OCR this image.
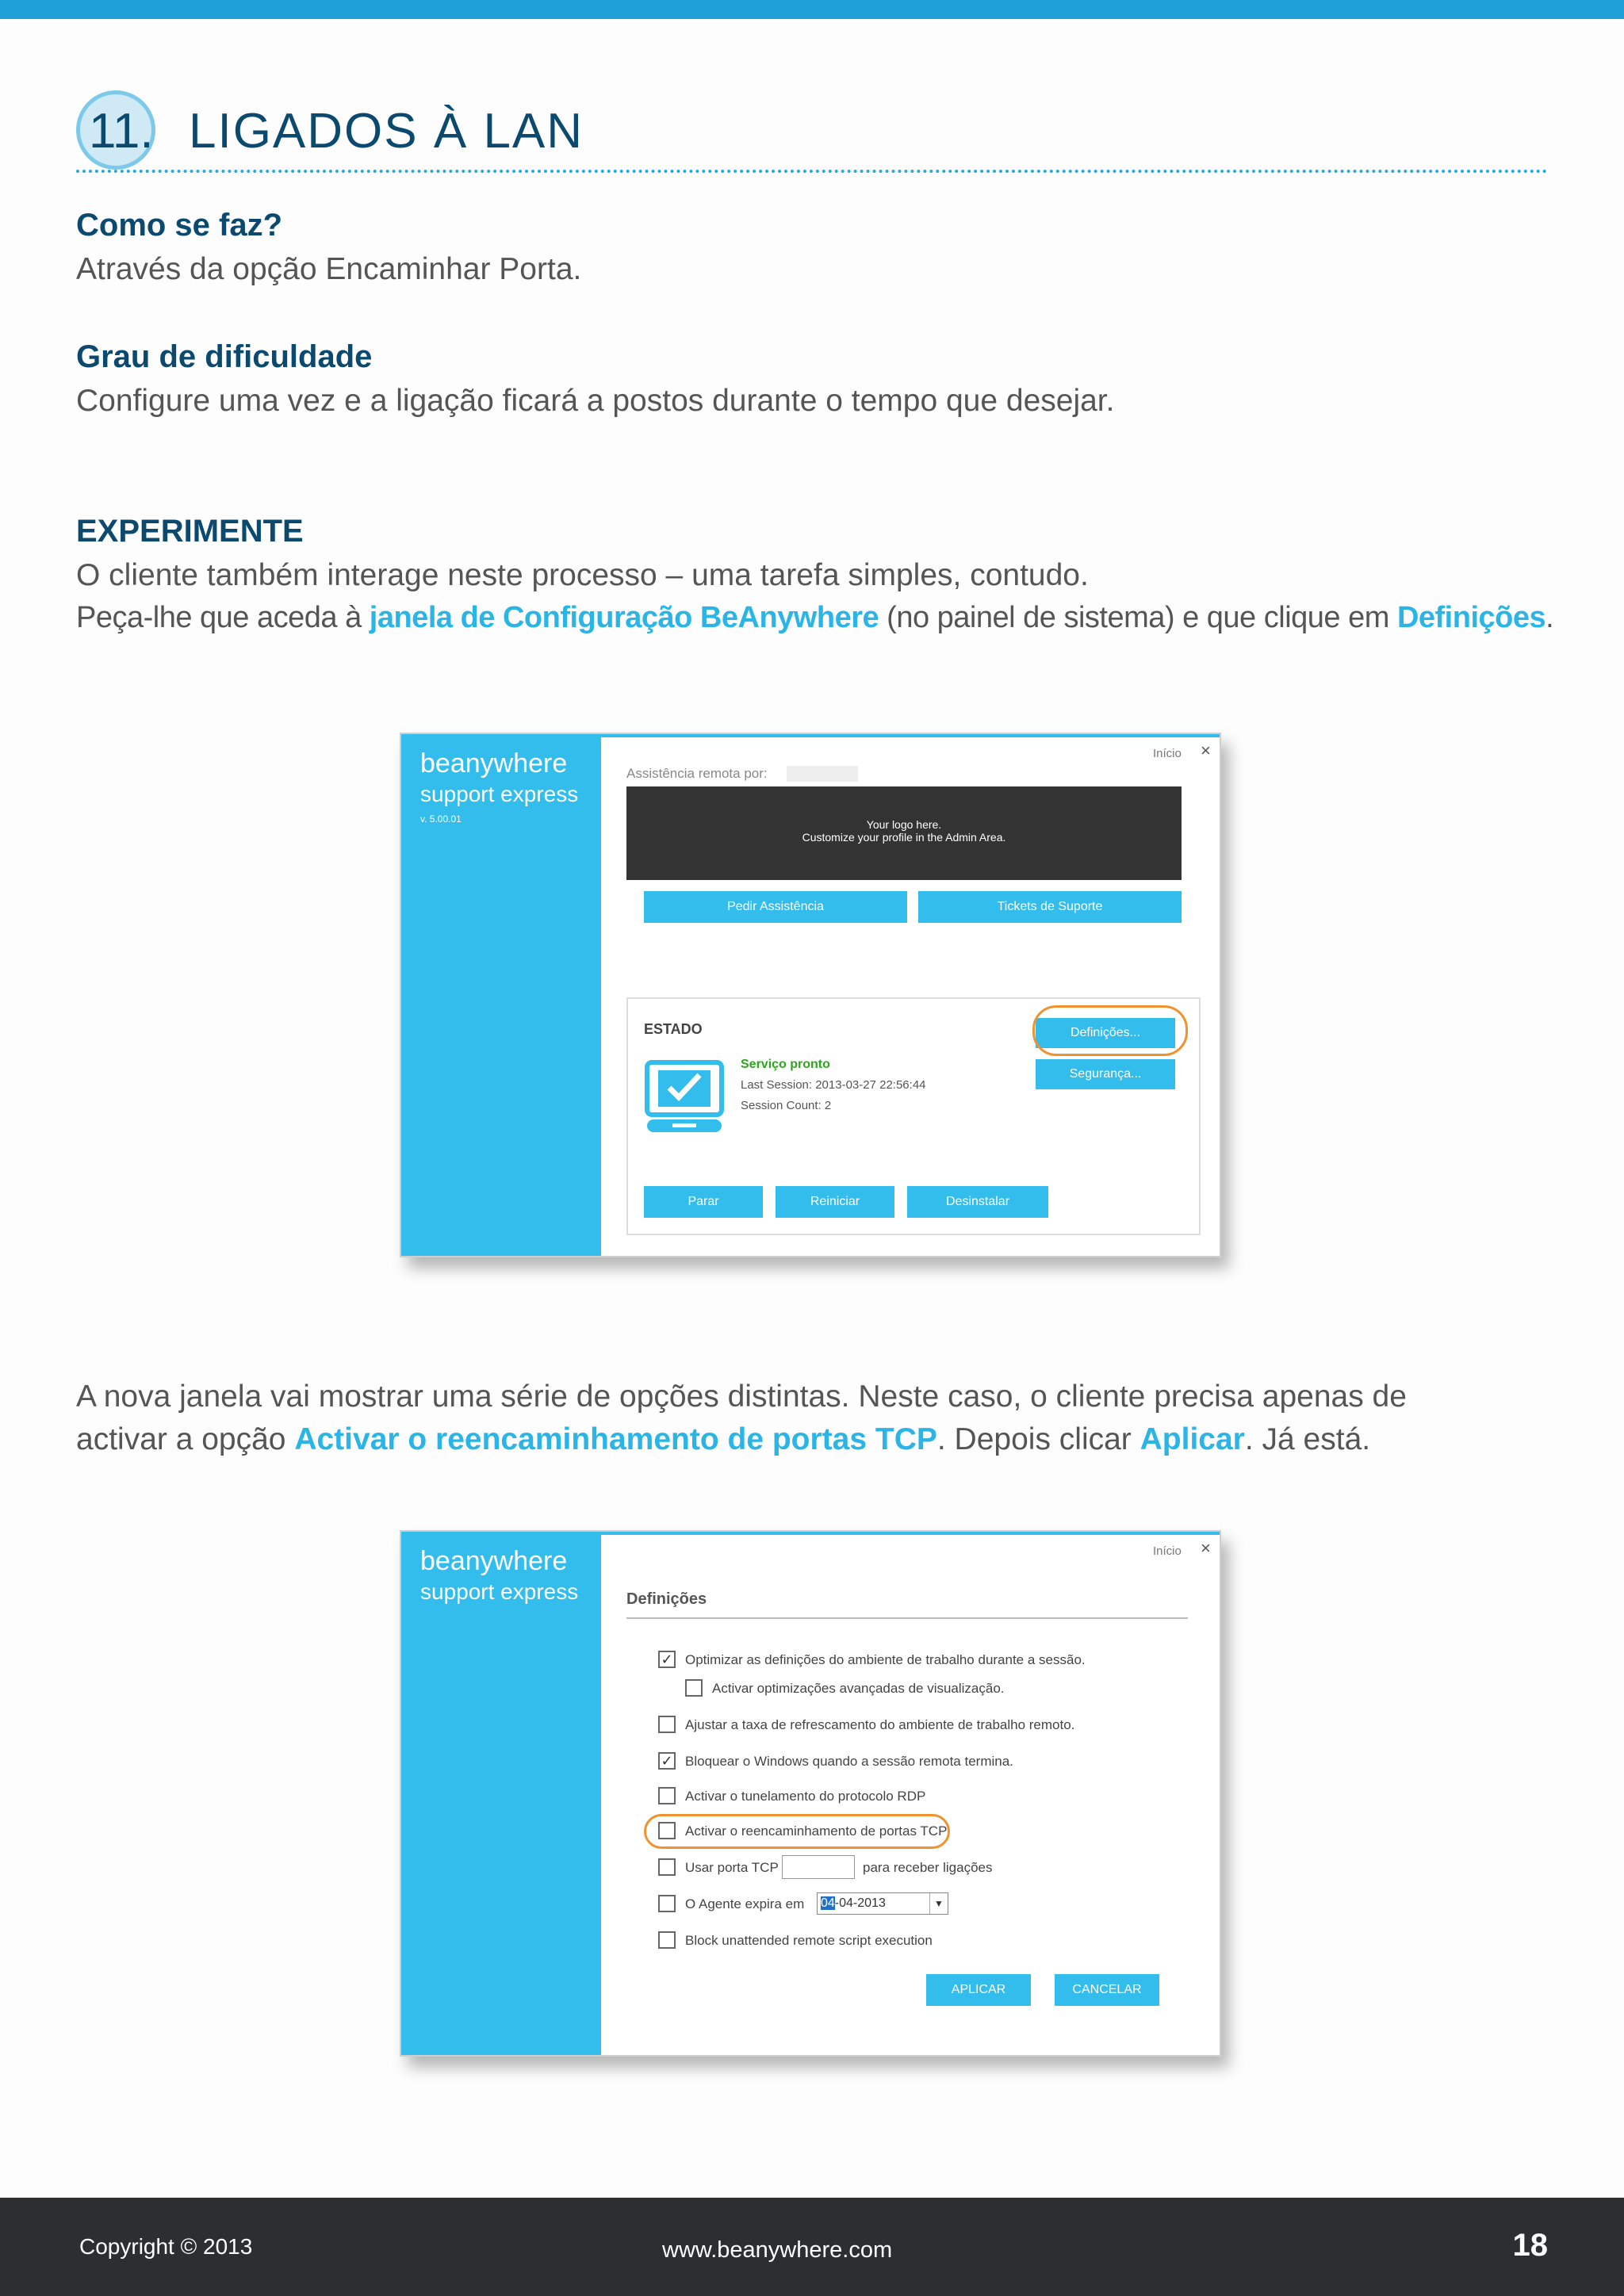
11. LIGADOS À LAN
Como se faz?
Através da opção Encaminhar Porta.
Grau de dificuldade
Configure uma vez e a ligação ficará a postos durante o tempo que desejar.
EXPERIMENTE
O cliente também interage neste processo – uma tarefa simples, contudo.
Peça-lhe que aceda à janela de Configuração BeAnywhere (no painel de sistema) e que clique em Definições.
beanywhere
support express
v. 5.00.01
Início ×
Assistência remota por:
Your logo here.
Customize your profile in the Admin Area.
Pedir Assistência	Tickets de Suporte
ESTADO
Serviço pronto
Last Session: 2013-03-27 22:56:44
Session Count: 2
Definições...
Segurança...
Parar	Reiniciar	Desinstalar
A nova janela vai mostrar uma série de opções distintas. Neste caso, o cliente precisa apenas de
activar a opção Activar o reencaminhamento de portas TCP. Depois clicar Aplicar. Já está.
beanywhere
support express
Início ×
Definições
✓ Optimizar as definições do ambiente de trabalho durante a sessão.
Activar optimizações avançadas de visualização.
Ajustar a taxa de refrescamento do ambiente de trabalho remoto.
✓ Bloquear o Windows quando a sessão remota termina.
Activar o tunelamento do protocolo RDP
Activar o reencaminhamento de portas TCP
Usar porta TCP	para receber ligações
O Agente expira em	04-04-2013	▼
Block unattended remote script execution
APLICAR	CANCELAR
Copyright © 2013	www.beanywhere.com	18
